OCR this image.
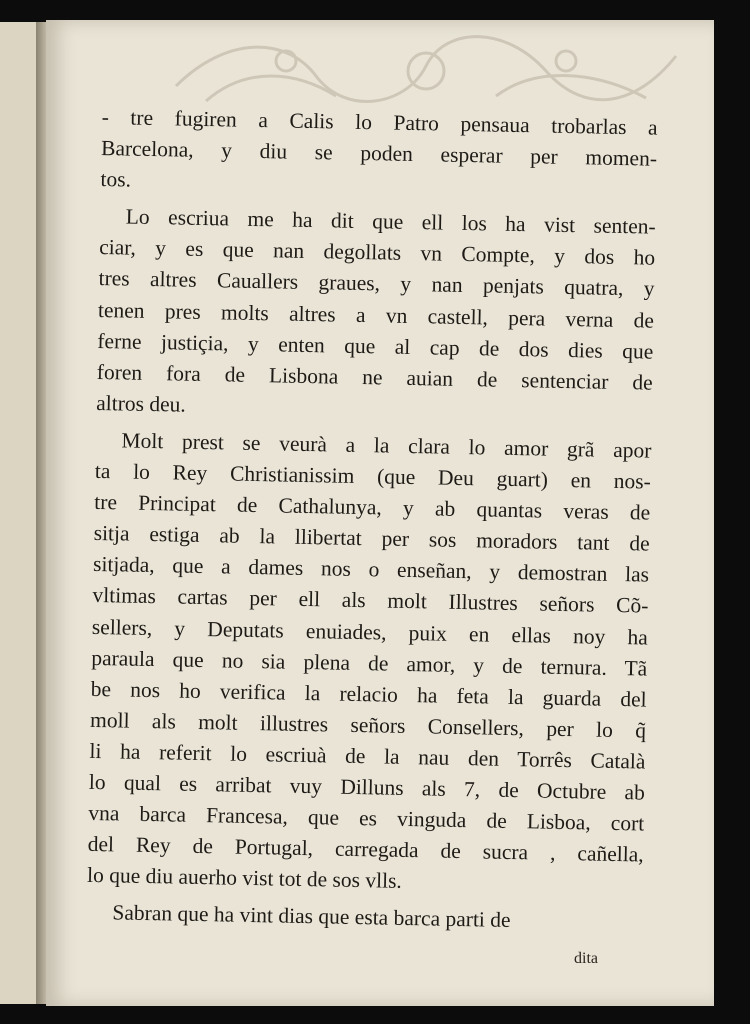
- tre fugiren a Calis lo Patro pensaua trobarlas a
Barcelona, y diu se poden esperar per momen-
tos.

Lo escriua me ha dit que ell los ha vist senten-
ciar, y es que nan degollats vn Compte, y dos ho
tres altres Cauallers graues, y nan penjats quatra, y
tenen pres molts altres a vn castell, pera verna de
ferne justiçia, y enten que al cap de dos dies que
foren fora de Lisbona ne auian de sentenciar de
altros deu.

Molt prest se veurà a la clara lo amor grã apor
ta lo Rey Christianissim (que Deu guart) en nos-
tre Principat de Cathalunya, y ab quantas veras de
sitja estiga ab la llibertat per sos moradors tant de
sitjada, que a dames nos o enseñan, y demostran las
vltimas cartas per ell als molt Illustres señors Cõ-
sellers, y Deputats enuiades, puix en ellas noy ha
paraula que no sia plena de amor, y de ternura. Tã
be nos ho verifica la relacio ha feta la guarda del
moll als molt illustres señors Consellers, per lo q̃
li ha referit lo escriuà de la nau den Torrês Català
lo qual es arribat vuy Dilluns als 7, de Octubre ab
vna barca Francesa, que es vinguda de Lisboa, cort
del Rey de Portugal, carregada de sucra , cañella,
lo que diu auerho vist tot de sos vlls.

Sabran que ha vint dias que esta barca parti de

dita
